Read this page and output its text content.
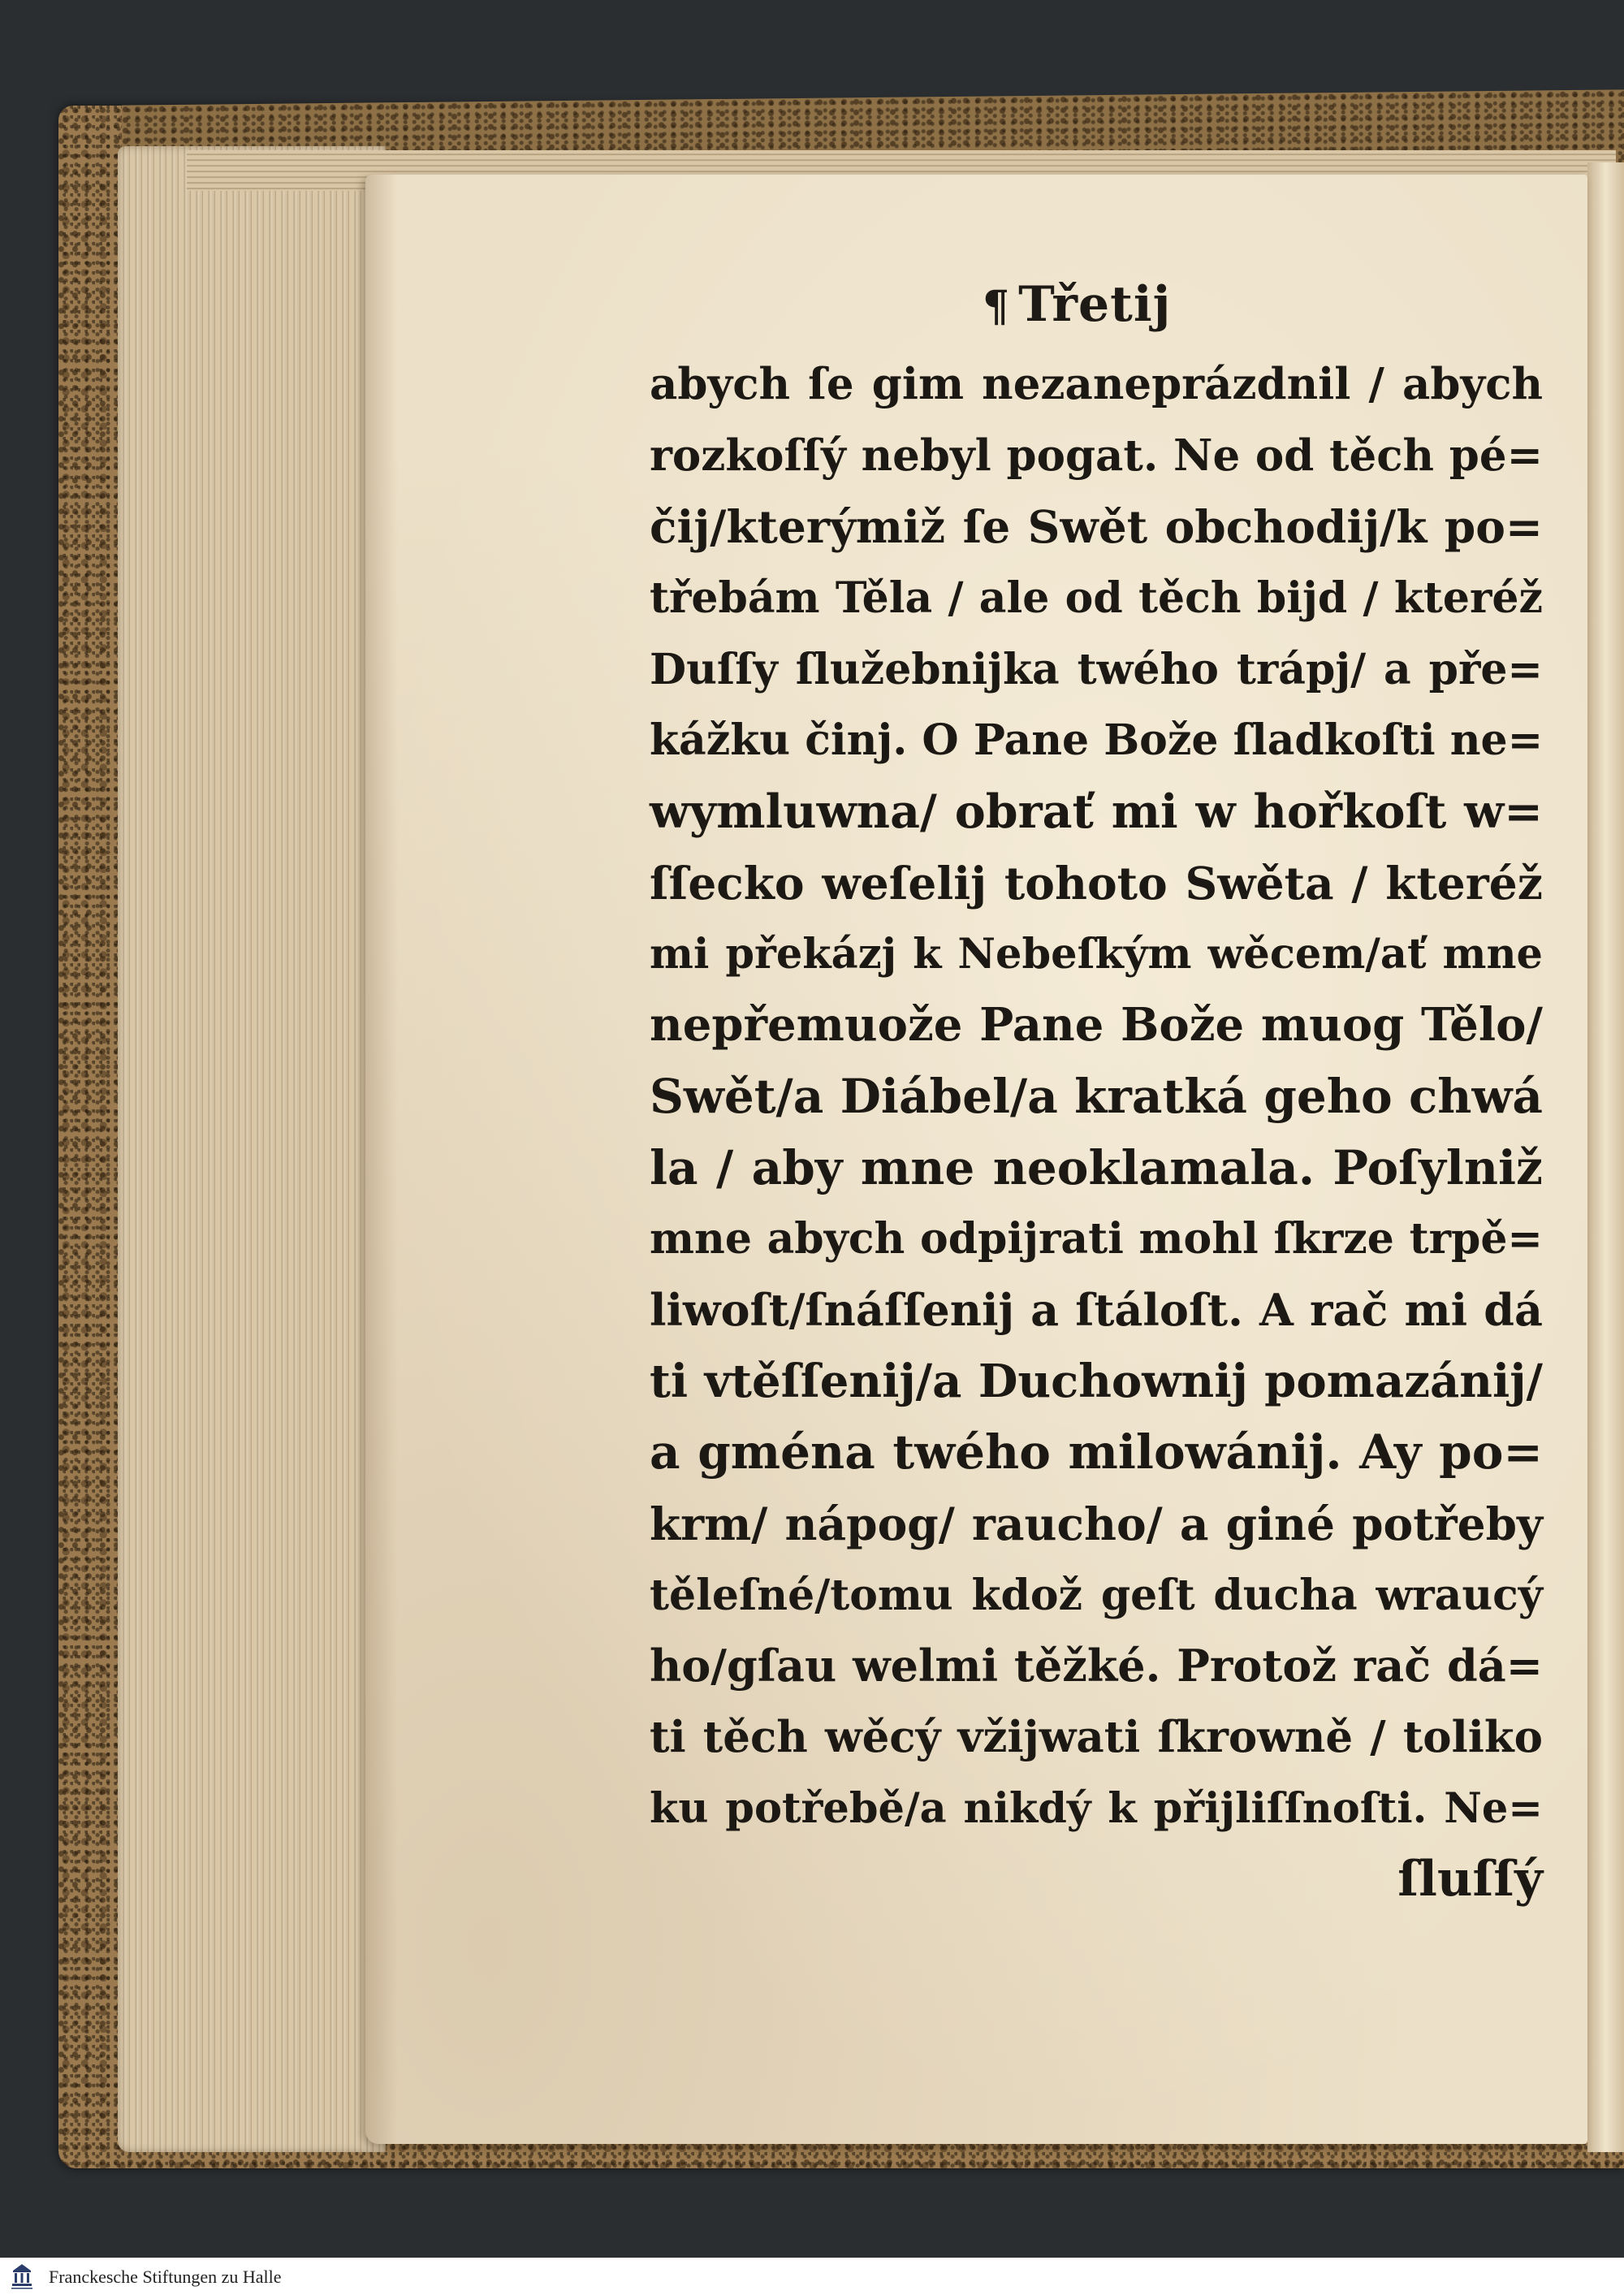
¶ Třetij
abych ſe gim nezaneprázdnil / abych
rozkoſſý nebyl pogat. Ne od těch pé=
čij/kterýmiž ſe Swět obchodij/k po=
třebám Těla / ale od těch bijd / kteréž
Duſſy ſlužebnijka twého trápj/ a pře=
kážku činj. O Pane Bože ſladkoſti ne=
wymluwna/ obrať mi w hořkoſt w=
ſſecko weſelij tohoto Swěta / kteréž
mi překázj k Nebeſkým wěcem/ať mne
nepřemuože Pane Bože muog Tělo/
Swět/a Diábel/a kratká geho chwá
la / aby mne neoklamala. Poſylniž
mne abych odpijrati mohl ſkrze trpě=
liwoſt/ſnáſſenij a ſtáloſt. A rač mi dá
ti vtěſſenij/a Duchownij pomazánij/
a gména twého milowánij. Ay po=
krm/ nápog/ raucho/ a giné potřeby
těleſné/tomu kdož geſt ducha wraucý
ho/gſau welmi těžké. Protož rač dá=
ti těch wěcý vžijwati ſkrowně / toliko
ku potřebě/a nikdý k přijliſſnoſti. Ne=
ſluſſý
Franckesche Stiftungen zu Halle
